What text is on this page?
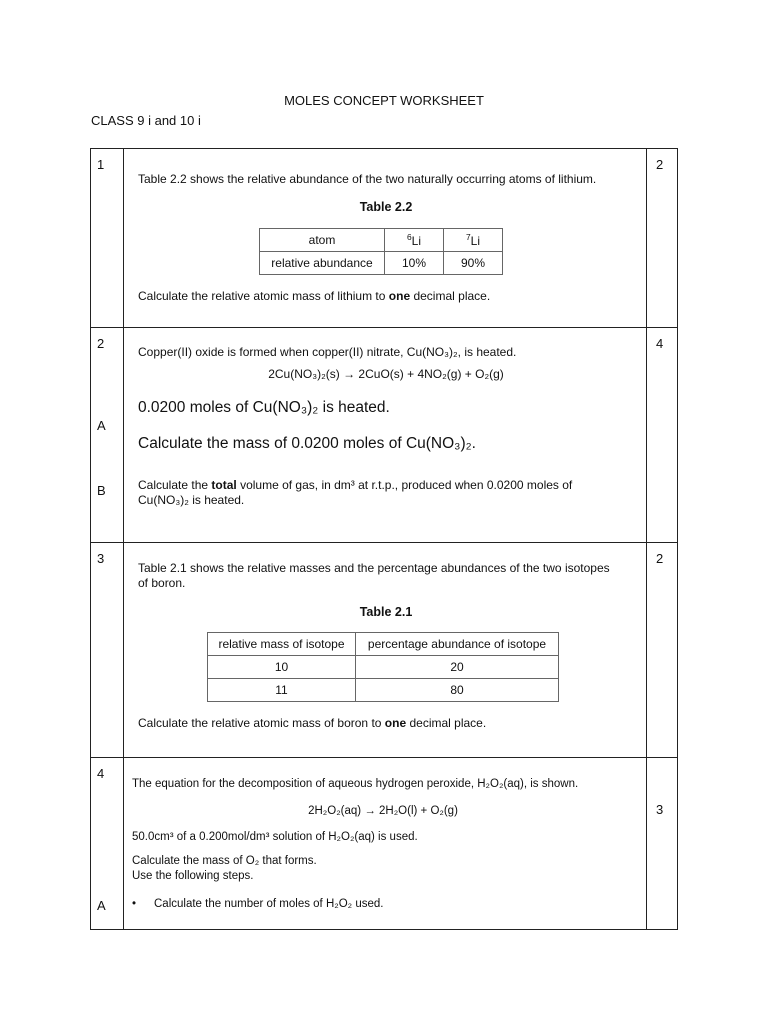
MOLES CONCEPT WORKSHEET
CLASS 9 i and 10 i
1

Table 2.2 shows the relative abundance of the two naturally occurring atoms of lithium.

Table 2.2
atom	$^6$Li	$^7$Li
relative abundance	10%	90%

Calculate the relative atomic mass of lithium to one decimal place.

2

2
A
B

Copper(II) oxide is formed when copper(II) nitrate, Cu(NO₃)₂, is heated.

2Cu(NO₃)₂(s) → 2CuO(s) + 4NO₂(g) + O₂(g)

0.0200 moles of Cu(NO₃)₂ is heated.

Calculate the mass of 0.0200 moles of Cu(NO₃)₂.

Calculate the total volume of gas, in dm³ at r.t.p., produced when 0.0200 moles of

Cu(NO₃)₂ is heated.

4

3

Table 2.1 shows the relative masses and the percentage abundances of the two isotopes

of boron.

Table 2.1
relative mass of isotope	percentage abundance of isotope
10	20
11	80

Calculate the relative atomic mass of boron to one decimal place.

2

4
A

The equation for the decomposition of aqueous hydrogen peroxide, H₂O₂(aq), is shown.

2H₂O₂(aq) → 2H₂O(l) + O₂(g)

50.0cm³ of a 0.200mol/dm³ solution of H₂O₂(aq) is used.

Calculate the mass of O₂ that forms.

Use the following steps.

• Calculate the number of moles of H₂O₂ used.

3
